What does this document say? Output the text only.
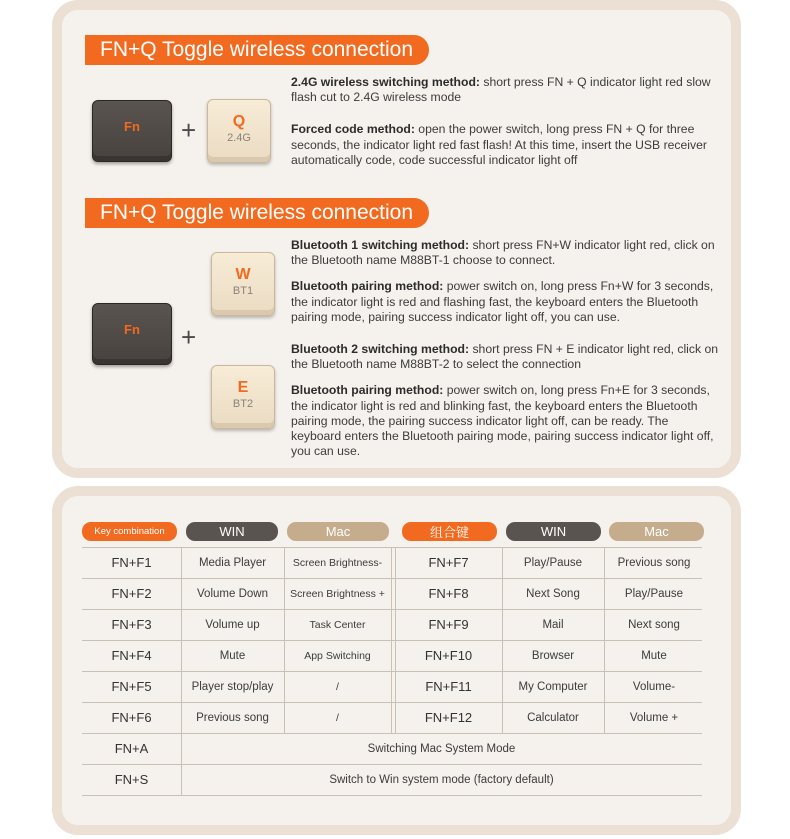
FN+Q Toggle wireless connection
Fn + Q
2.4G

2.4G wireless switching method: short press FN + Q indicator light red slow flash cut to 2.4G wireless mode

Forced code method: open the power switch, long press FN + Q for three seconds, the indicator light red fast flash! At this time, insert the USB receiver automatically code, code successful indicator light off

FN+Q Toggle wireless connection
Fn +
W
BT1
E
BT2

Bluetooth 1 switching method: short press FN+W indicator light red, click on the Bluetooth name M88BT-1 choose to connect.

Bluetooth pairing method: power switch on, long press Fn+W for 3 seconds, the indicator light is red and flashing fast, the keyboard enters the Bluetooth pairing mode, pairing success indicator light off, you can use.

Bluetooth 2 switching method: short press FN + E indicator light red, click on the Bluetooth name M88BT-2 to select the connection

Bluetooth pairing method: power switch on, long press Fn+E for 3 seconds, the indicator light is red and blinking fast, the keyboard enters the Bluetooth pairing mode, the pairing success indicator light off, can be ready. The keyboard enters the Bluetooth pairing mode, pairing success indicator light off, you can use.

Key combination	WIN	Mac	组合键	WIN	Mac
FN+F1	Media Player	Screen Brightness-	FN+F7	Play/Pause	Previous song
FN+F2	Volume Down	Screen Brightness +	FN+F8	Next Song	Play/Pause
FN+F3	Volume up	Task Center	FN+F9	Mail	Next song
FN+F4	Mute	App Switching	FN+F10	Browser	Mute
FN+F5	Player stop/play	/	FN+F11	My Computer	Volume-
FN+F6	Previous song	/	FN+F12	Calculator	Volume +
FN+A	Switching Mac System Mode
FN+S	Switch to Win system mode (factory default)
